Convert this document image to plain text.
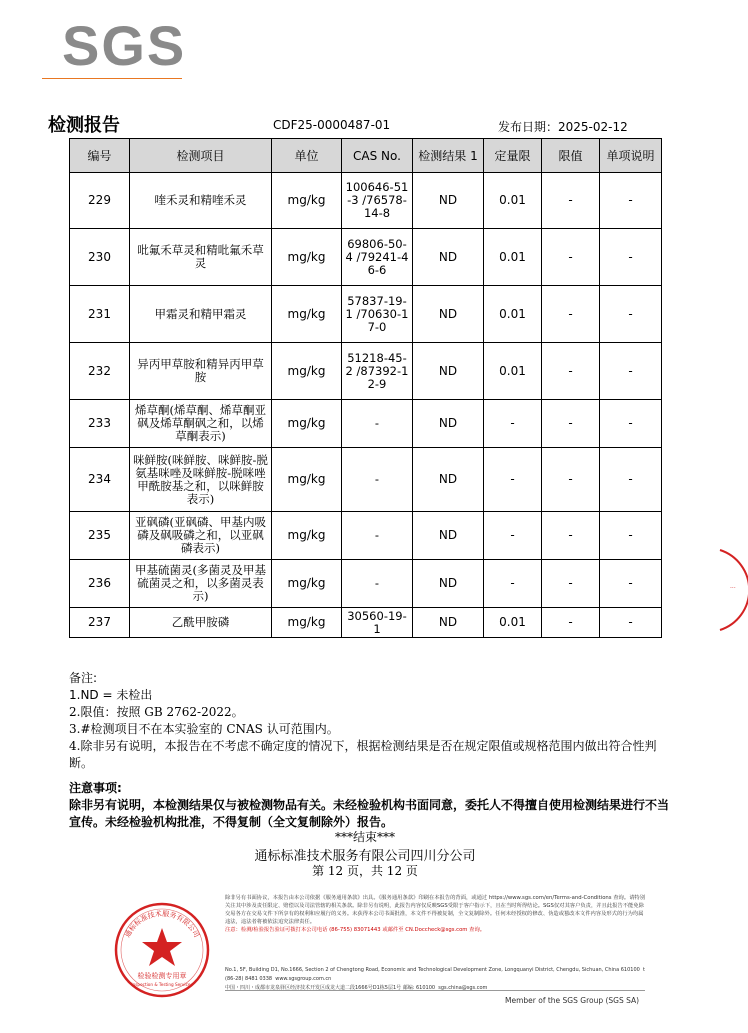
SGS
检测报告	CDF25-0000487-01	发布日期：2025-02-12
编号	检测项目	单位	CAS No.	检测结果 1	定量限	限值	单项说明
229	喹禾灵和精喹禾灵	mg/kg	100646-51-3 /76578-14-8	ND	0.01	-	-
230	吡氟禾草灵和精吡氟禾草灵	mg/kg	69806-50-4 /79241-46-6	ND	0.01	-	-
231	甲霜灵和精甲霜灵	mg/kg	57837-19-1 /70630-17-0	ND	0.01	-	-
232	异丙甲草胺和精异丙甲草胺	mg/kg	51218-45-2 /87392-12-9	ND	0.01	-	-
233	烯草酮(烯草酮、烯草酮亚砜及烯草酮砜之和，以烯草酮表示)	mg/kg	-	ND	-	-	-
234	咪鲜胺(咪鲜胺、咪鲜胺-脱氨基咪唑及咪鲜胺-脱咪唑甲酰胺基之和，以咪鲜胺表示)	mg/kg	-	ND	-	-	-
235	亚砜磷(亚砜磷、甲基内吸磷及砜吸磷之和，以亚砜磷表示)	mg/kg	-	ND	-	-	-
236	甲基硫菌灵(多菌灵及甲基硫菌灵之和，以多菌灵表示)	mg/kg	-	ND	-	-	-
237	乙酰甲胺磷	mg/kg	30560-19-1	ND	0.01	-	-
备注:
1.ND = 未检出
2.限值：按照 GB 2762-2022。
3.#检测项目不在本实验室的 CNAS 认可范围内。
4.除非另有说明，本报告在不考虑不确定度的情况下，根据检测结果是否在规定限值或规格范围内做出符合性判断。
注意事项:
除非另有说明，本检测结果仅与被检测物品有关。未经检验机构书面同意，委托人不得擅自使用检测结果进行不当宣传。未经检验机构批准，不得复制（全文复制除外）报告。
***结束***
通标标准技术服务有限公司四川分公司
第 12 页，共 12 页
检验检测专用章
Inspection & Testing Services
通标标准技术服务有限公司
除非另有书面协议，本报告由本公司依据《服务通用条款》出具。《服务通用条款》印刷在本报告的背面，或通过 https://www.sgs.com/en/Terms-and-Conditions 查询。请特别关注其中涉及责任限定、赔偿以及司法管辖的相关条款。除非另有说明，此报告内容仅反映SGS受限于客户指示下，且在当时所得结论。SGS仅对其客户负责，并且此报告不能免除交易各方在交易文件下所享有的权利和应履行的义务。未获得本公司书面批准，本文件不得被复制，全文复制除外。任何未经授权的修改、伪造或篡改本文件内容及形式的行为均属违法，违法者将被依法追究法律责任。
注意：检测/检验报告验证可拨打本公司电话 (86-755) 83071443 或邮件至 CN.Doccheck@sgs.com 查询。
No.1, 5F, Building D1, No.1666, Section 2 of Chengtong Road, Economic and Technological Development Zone, Longquanyi District, Chengdu, Sichuan, China 610100 t (86-28) 8481 0338 www.sgsgroup.com.cn
中国・四川・成都市龙泉驿区经济技术开发区成龙大道二段1666号D1栋5层1号 邮编: 610100 sgs.china@sgs.com
Member of the SGS Group (SGS SA)
...
